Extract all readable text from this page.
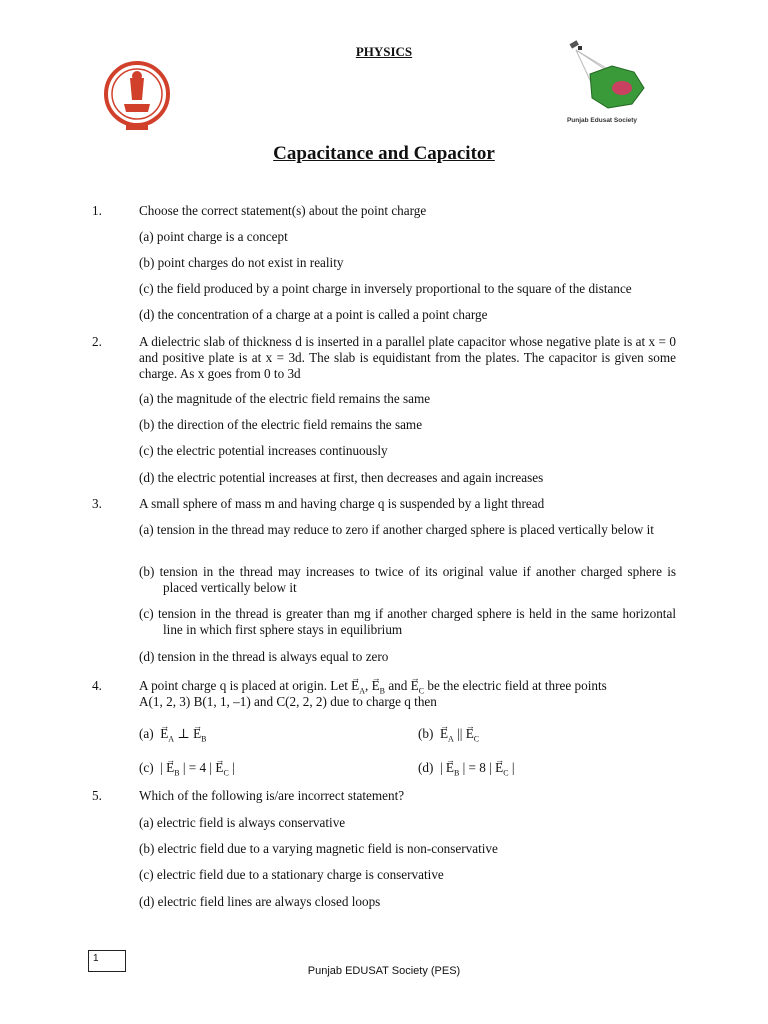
PHYSICS
Punjab Edusat Society
Capacitance and Capacitor
1.	Choose the correct statement(s) about the point charge
(a) point charge is a concept
(b) point charges do not exist in reality
(c) the field produced by a point charge in inversely proportional to the square of the distance
(d) the concentration of a charge at a point is called a point charge
2.	A dielectric slab of thickness d is inserted in a parallel plate capacitor whose negative plate is at x = 0 and positive plate is at x = 3d. The slab is equidistant from the plates. The capacitor is given some charge. As x goes from 0 to 3d
(a) the magnitude of the electric field remains the same
(b) the direction of the electric field remains the same
(c) the electric potential increases continuously
(d) the electric potential increases at first, then decreases and again increases
3.	A small sphere of mass m and having charge q is suspended by a light thread
(a) tension in the thread may reduce to zero if another charged sphere is placed vertically below it
(b) tension in the thread may increases to twice of its original value if another charged sphere is placed vertically below it
(c) tension in the thread is greater than mg if another charged sphere is held in the same horizontal line in which first sphere stays in equilibrium
(d) tension in the thread is always equal to zero
4.	A point charge q is placed at origin. Let → $E_A$, → $E_B$ and → $E_C$ be the electric field at three points
A(1, 2, 3) B(1, 1, –1) and C(2, 2, 2) due to charge q then
$(a) \to E_A$ ⊥ → $E_B$	$(b) \to E_A$ || → $E_C$
(c) | → $E_B$ | = 4 | → $E_C$ |	(d) | → $E_B$ | = 8 | → $E_C$ |
5.	Which of the following is/are incorrect statement?
(a) electric field is always conservative
(b) electric field due to a varying magnetic field is non-conservative
(c) electric field due to a stationary charge is conservative
(d) electric field lines are always closed loops
1
Punjab EDUSAT Society (PES)
